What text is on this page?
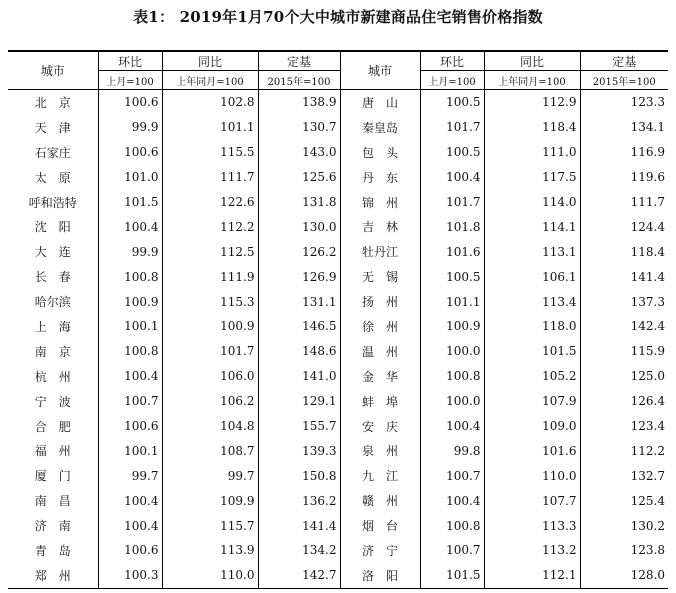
表1： 2019年1月70个大中城市新建商品住宅销售价格指数
城市	环比	同比	定基	城市	环比	同比	定基
	上月=100	上年同月=100	2015年=100		上月=100	上年同月=100	2015年=100
北　京	100.6	102.8	138.9	唐　山	100.5	112.9	123.3
天　津	99.9	101.1	130.7	秦皇岛	101.7	118.4	134.1
石家庄	100.6	115.5	143.0	包　头	100.5	111.0	116.9
太　原	101.0	111.7	125.6	丹　东	100.4	117.5	119.6
呼和浩特	101.5	122.6	131.8	锦　州	101.7	114.0	111.7
沈　阳	100.4	112.2	130.0	吉　林	101.8	114.1	124.4
大　连	99.9	112.5	126.2	牡丹江	101.6	113.1	118.4
长　春	100.8	111.9	126.9	无　锡	100.5	106.1	141.4
哈尔滨	100.9	115.3	131.1	扬　州	101.1	113.4	137.3
上　海	100.1	100.9	146.5	徐　州	100.9	118.0	142.4
南　京	100.8	101.7	148.6	温　州	100.0	101.5	115.9
杭　州	100.4	106.0	141.0	金　华	100.8	105.2	125.0
宁　波	100.7	106.2	129.1	蚌　埠	100.0	107.9	126.4
合　肥	100.6	104.8	155.7	安　庆	100.4	109.0	123.4
福　州	100.1	108.7	139.3	泉　州	99.8	101.6	112.2
厦　门	99.7	99.7	150.8	九　江	100.7	110.0	132.7
南　昌	100.4	109.9	136.2	赣　州	100.4	107.7	125.4
济　南	100.4	115.7	141.4	烟　台	100.8	113.3	130.2
青　岛	100.6	113.9	134.2	济　宁	100.7	113.2	123.8
郑　州	100.3	110.0	142.7	洛　阳	101.5	112.1	128.0
